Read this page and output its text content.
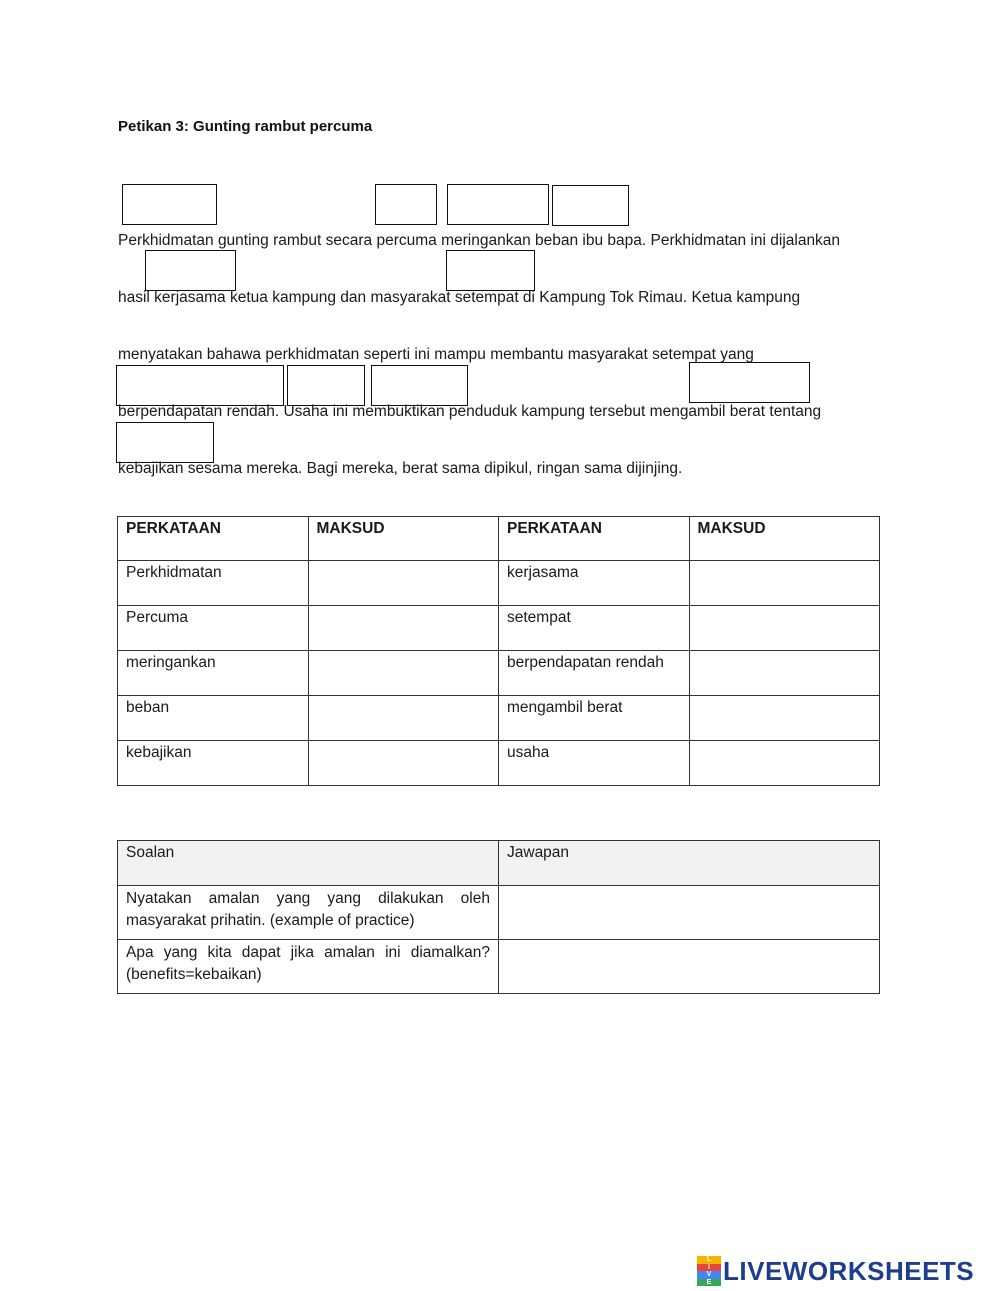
Petikan 3: Gunting rambut percuma
Perkhidmatan gunting rambut secara percuma meringankan beban ibu bapa. Perkhidmatan ini dijalankan
hasil kerjasama ketua kampung dan masyarakat setempat di Kampung Tok Rimau. Ketua kampung
menyatakan bahawa perkhidmatan seperti ini mampu membantu masyarakat setempat yang
berpendapatan rendah. Usaha ini membuktikan penduduk kampung tersebut mengambil berat tentang
kebajikan sesama mereka. Bagi mereka, berat sama dipikul, ringan sama dijinjing.
PERKATAAN	MAKSUD	PERKATAAN	MAKSUD
Perkhidmatan		kerjasama	
Percuma		setempat	
meringankan		berpendapatan rendah	
beban		mengambil berat	
kebajikan		usaha	
Soalan	Jawapan
Nyatakan amalan yang yang dilakukan oleh masyarakat prihatin. (example of practice)	
Apa yang kita dapat jika amalan ini diamalkan? (benefits=kebaikan)	
L
I
V
E LIVEWORKSHEETS
